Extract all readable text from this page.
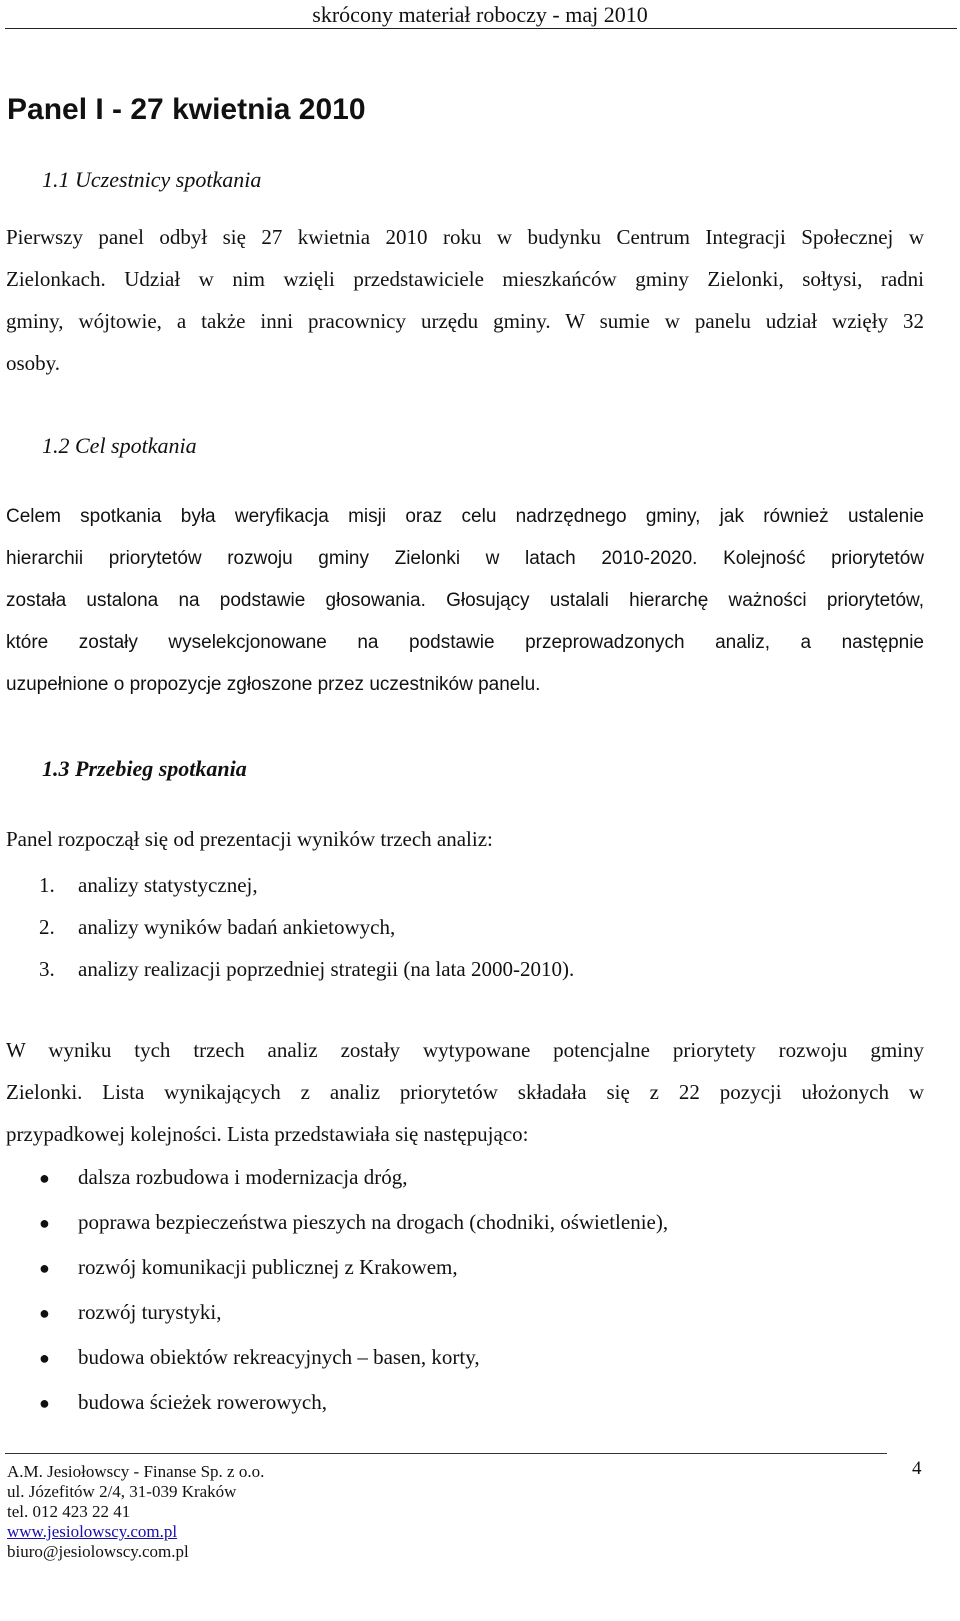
skrócony materiał roboczy - maj 2010
Panel I - 27 kwietnia 2010
1.1 Uczestnicy spotkania
Pierwszy panel odbył się 27 kwietnia 2010 roku w budynku Centrum Integracji Społecznej w
Zielonkach. Udział w nim wzięli przedstawiciele mieszkańców gminy Zielonki, sołtysi, radni
gminy, wójtowie, a także inni pracownicy urzędu gminy. W sumie w panelu udział wzięły 32
osoby.
1.2 Cel spotkania
Celem spotkania była weryfikacja misji oraz celu nadrzędnego gminy, jak również ustalenie
hierarchii priorytetów rozwoju gminy Zielonki w latach 2010-2020. Kolejność priorytetów
została ustalona na podstawie głosowania. Głosujący ustalali hierarchę ważności priorytetów,
które zostały wyselekcjonowane na podstawie przeprowadzonych analiz, a następnie
uzupełnione o propozycje zgłoszone przez uczestników panelu.
1.3 Przebieg spotkania
Panel rozpoczął się od prezentacji wyników trzech analiz:
1. analizy statystycznej,
2. analizy wyników badań ankietowych,
3. analizy realizacji poprzedniej strategii (na lata 2000-2010).
W wyniku tych trzech analiz zostały wytypowane potencjalne priorytety rozwoju gminy
Zielonki. Lista wynikających z analiz priorytetów składała się z 22 pozycji ułożonych w
przypadkowej kolejności. Lista przedstawiała się następująco:
● dalsza rozbudowa i modernizacja dróg,
● poprawa bezpieczeństwa pieszych na drogach (chodniki, oświetlenie),
● rozwój komunikacji publicznej z Krakowem,
● rozwój turystyki,
● budowa obiektów rekreacyjnych – basen, korty,
● budowa ścieżek rowerowych,
A.M. Jesiołowscy - Finanse Sp. z o.o.
ul. Józefitów 2/4, 31-039 Kraków
tel. 012 423 22 41
www.jesiolowscy.com.pl
biuro@jesiolowscy.com.pl
4
